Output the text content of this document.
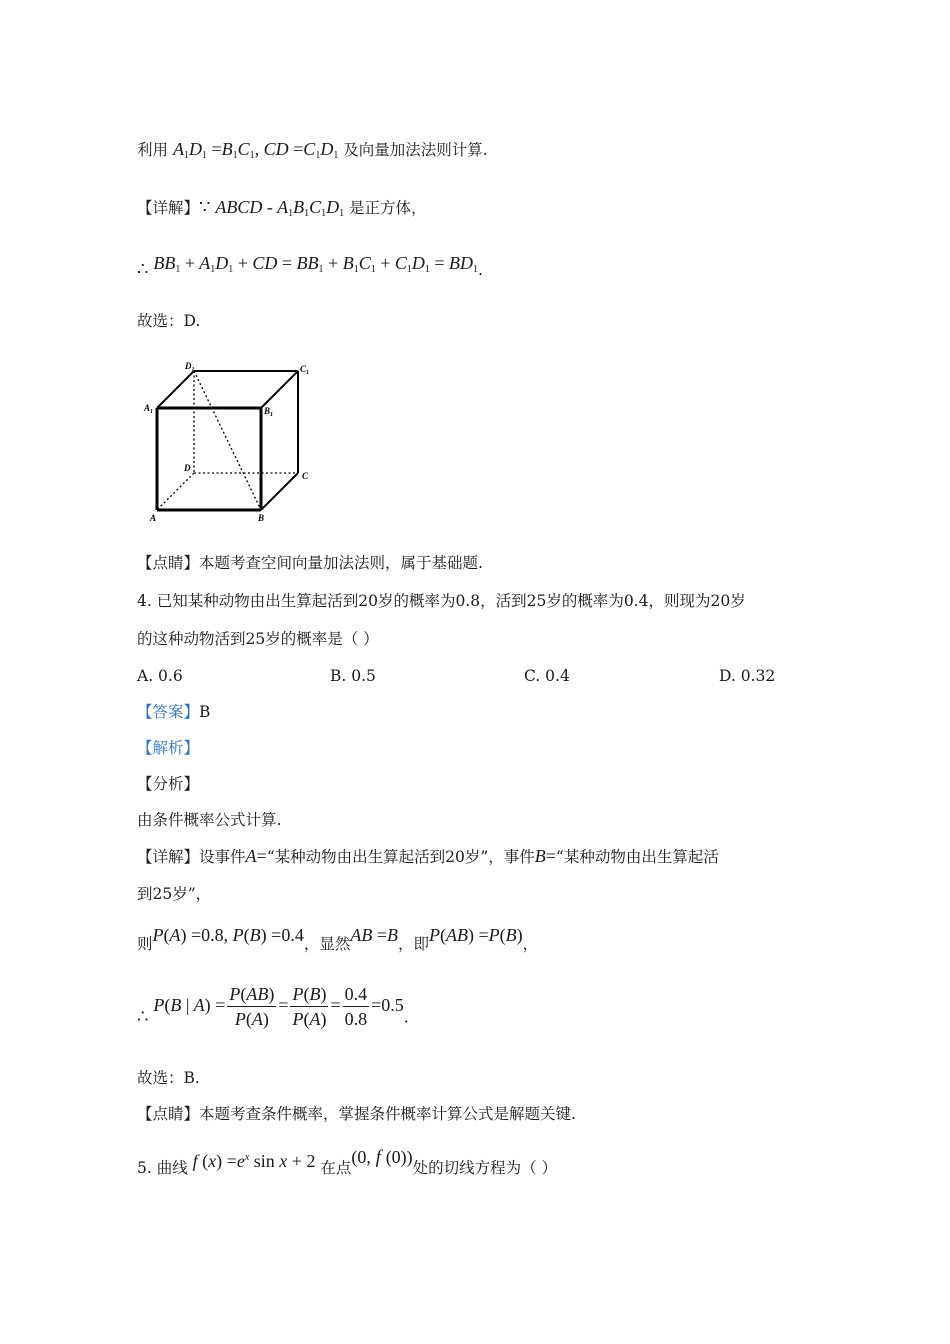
利用 A1D1 =B1C1, CD =C1D1 及向量加法法则计算.
【详解】∵ ABCD - A1B1C1D1 是正方体，
∴ BB1 + A1D1 + CD = BB1 + B1C1 + C1D1 = BD1.
故选：D.
$D_1$	$C_1$
$A_1$	$B_1$
D
C
A	B
【点睛】本题考查空间向量加法法则，属于基础题.
4. 已知某种动物由出生算起活到20岁的概率为0.8，活到25岁的概率为0.4，则现为20岁
的这种动物活到25岁的概率是（ ）
A. 0.6	B. 0.5	C. 0.4	D. 0.32
【答案】B
【解析】
【分析】
由条件概率公式计算.
【详解】设事件A=“某种动物由出生算起活到20岁”，事件B=“某种动物由出生算起活
到25岁”，
则P(A) =0.8, P(B) =0.4，显然AB =B，即P(AB) =P(B)，
∴ P(B | $A) = \frac{P(AB)}{P(A)} = \frac{P(B)}{P(A)} = \frac{0.4}{0.8} =0.5$.
故选：B.
【点睛】本题考查条件概率，掌握条件概率计算公式是解题关键.
5. 曲线 f $(x) =e^x$ sin x + 2 在点(0, f (0))处的切线方程为（ ）
